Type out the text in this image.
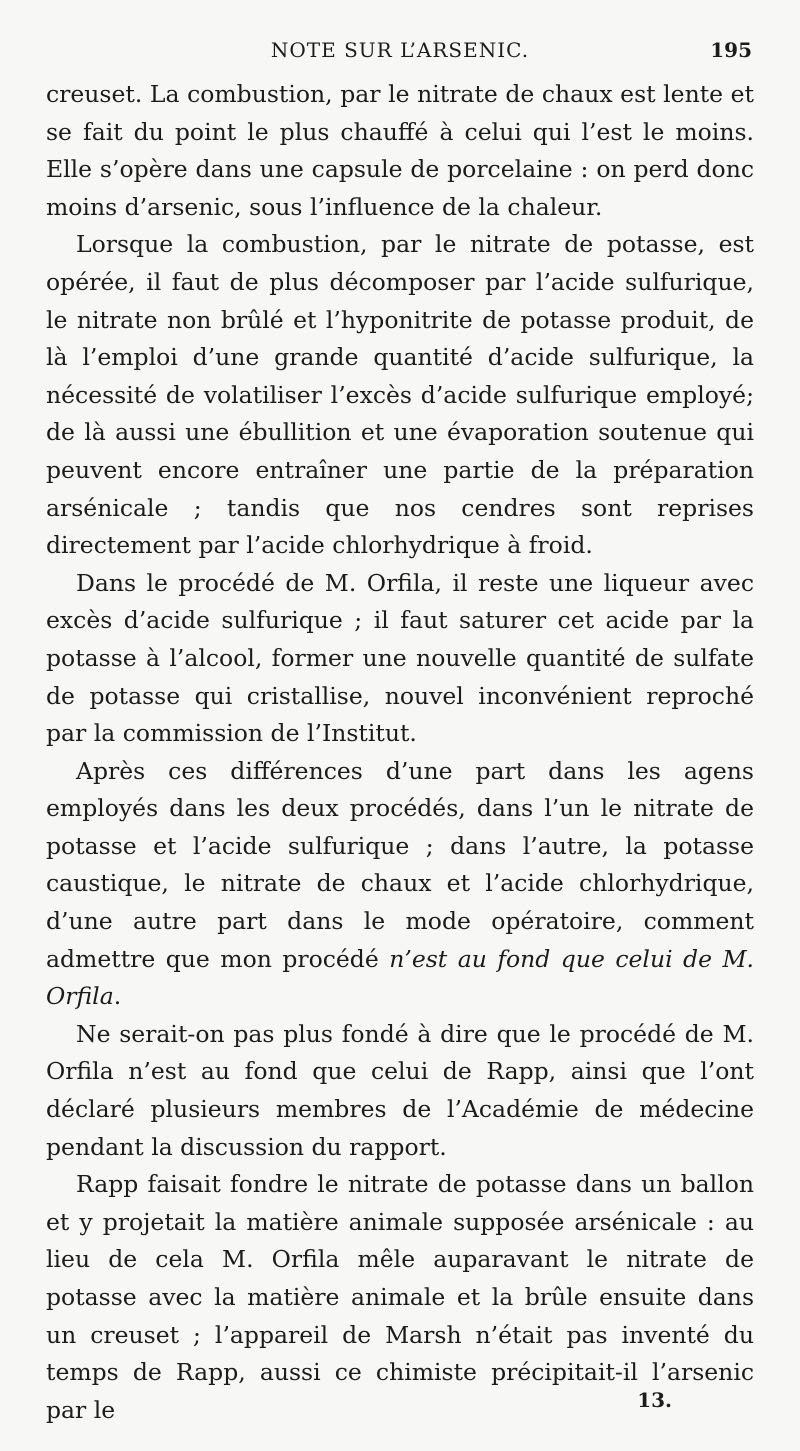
NOTE SUR L’ARSENIC.	195

creuset. La combustion, par le nitrate de chaux est lente et se fait du point le plus chauffé à celui qui l’est le moins. Elle s’opère dans une capsule de porcelaine : on perd donc moins d’arsenic, sous l’influence de la chaleur.

Lorsque la combustion, par le nitrate de potasse, est opérée, il faut de plus décomposer par l’acide sulfurique, le nitrate non brûlé et l’hyponitrite de potasse produit, de là l’emploi d’une grande quantité d’acide sulfurique, la nécessité de volatiliser l’excès d’acide sulfurique employé; de là aussi une ébullition et une évaporation soutenue qui peuvent encore entraîner une partie de la préparation arsénicale ; tandis que nos cendres sont reprises directement par l’acide chlorhydrique à froid.

Dans le procédé de M. Orfila, il reste une liqueur avec excès d’acide sulfurique ; il faut saturer cet acide par la potasse à l’alcool, former une nouvelle quantité de sulfate de potasse qui cristallise, nouvel inconvénient reproché par la commission de l’Institut.

Après ces différences d’une part dans les agens employés dans les deux procédés, dans l’un le nitrate de potasse et l’acide sulfurique ; dans l’autre, la potasse caustique, le nitrate de chaux et l’acide chlorhydrique, d’une autre part dans le mode opératoire, comment admettre que mon procédé n’est au fond que celui de M. Orfila.

Ne serait-on pas plus fondé à dire que le procédé de M. Orfila n’est au fond que celui de Rapp, ainsi que l’ont déclaré plusieurs membres de l’Académie de médecine pendant la discussion du rapport.

Rapp faisait fondre le nitrate de potasse dans un ballon et y projetait la matière animale supposée arsénicale : au lieu de cela M. Orfila mêle auparavant le nitrate de potasse avec la matière animale et la brûle ensuite dans un creuset ; l’appareil de Marsh n’était pas inventé du temps de Rapp, aussi ce chimiste précipitait-il l’arsenic par le	13.
